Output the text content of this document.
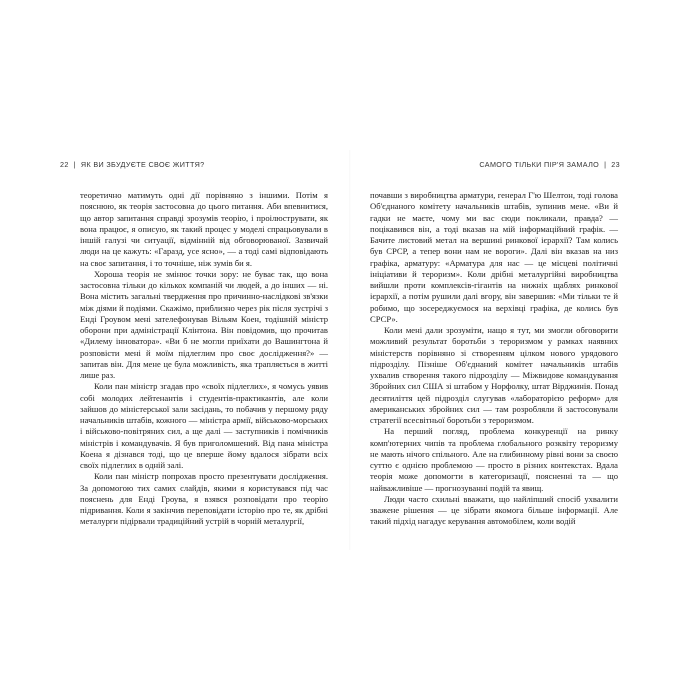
22 | ЯК ВИ ЗБУДУЄТЕ СВОЄ ЖИТТЯ?	САМОГО ТІЛЬКИ ПІР'Я ЗАМАЛО | 23

теоретично матимуть одні дії порівняно з іншими. Потім я пояснюю, як теорія застосовна до цього питання. Аби впевнитися, що автор запитання справді зрозумів теорію, і проілюструвати, як вона працює, я описую, як такий процес у моделі спрацьовували в іншій галузі чи ситуації, відмінній від обговорюваної. Зазвичай люди на це кажуть: «Гаразд, усе ясно», — а тоді самі відповідають на своє запитання, і то точніше, ніж зумів би я.

Хороша теорія не змінює точки зору: не буває так, що вона застосовна тільки до кількох компаній чи людей, а до інших — ні. Вона містить загальні твердження про причинно-наслідкові зв'язки між діями й подіями. Скажімо, приблизно через рік після зустрічі з Енді Гроувом мені зателефонував Вільям Коен, тодішній міністр оборони при адміністрації Клінтона. Він повідомив, що прочитав «Дилему інноватора». «Ви б не могли приїхати до Вашингтона й розповісти мені й моїм підлеглим про своє дослідження?» — запитав він. Для мене це була можливість, яка трапляється в житті лише раз.

Коли пан міністр згадав про «своїх підлеглих», я чомусь уявив собі молодих лейтенантів і студентів-практикантів, але коли зайшов до міністерської зали засідань, то побачив у першому ряду начальників штабів, кожного — міністра армії, військово-морських і військово-повітряних сил, а ще далі — заступників і помічників міністрів і командувачів. Я був приголомшений. Від пана міністра Коена я дізнався тоді, що це вперше йому вдалося зібрати всіх своїх підлеглих в одній залі.

Коли пан міністр попрохав просто презентувати дослідження. За допомогою тих самих слайдів, якими я користувався під час пояснень для Енді Гроува, я взявся розповідати про теорію підривання. Коли я закінчив переповідати історію про те, як дрібні металурги підірвали традиційний устрій в чорній металургії,

почавши з виробництва арматури, генерал Г'ю Шелтон, тоді голова Об'єднаного комітету начальників штабів, зупинив мене. «Ви й гадки не маєте, чому ми вас сюди покликали, правда? — поцікавився він, а тоді вказав на мій інформаційний графік. — Бачите листовий метал на вершині ринкової ієрархії? Там колись був СРСР, а тепер вони нам не вороги». Далі він вказав на низ графіка, арматуру: «Арматура для нас — це місцеві політичні ініціативи й тероризм». Коли дрібні металургійні виробництва вийшли проти комплексів-гігантів на нижніх щаблях ринкової ієрархії, а потім рушили далі вгору, він завершив: «Ми тільки те й робимо, що зосереджуємося на верхівці графіка, де колись був СРСР».

Коли мені дали зрозуміти, нащо я тут, ми змогли обговорити можливий результат боротьби з тероризмом у рамках наявних міністерств порівняно зі створенням цілком нового урядового підрозділу. Пізніше Об'єднаний комітет начальників штабів ухвалив створення такого підрозділу — Міжвидове командування Збройних сил США зі штабом у Норфолку, штат Вірджинія. Понад десятиліття цей підрозділ слугував «лабораторією реформ» для американських збройних сил — там розробляли й застосовували стратегії всесвітньої боротьби з тероризмом.

На перший погляд, проблема конкуренції на ринку комп'ютерних чипів та проблема глобального розквіту тероризму не мають нічого спільного. Але на глибинному рівні вони за своєю суттю є однією проблемою — просто в різних контекстах. Вдала теорія може допомогти в категоризації, поясненні та — що найважливіше — прогнозуванні подій та явищ.

Люди часто схильні вважати, що найліпший спосіб ухвалити зважене рішення — це зібрати якомога більше інформації. Але такий підхід нагадує керування автомобілем, коли водій
